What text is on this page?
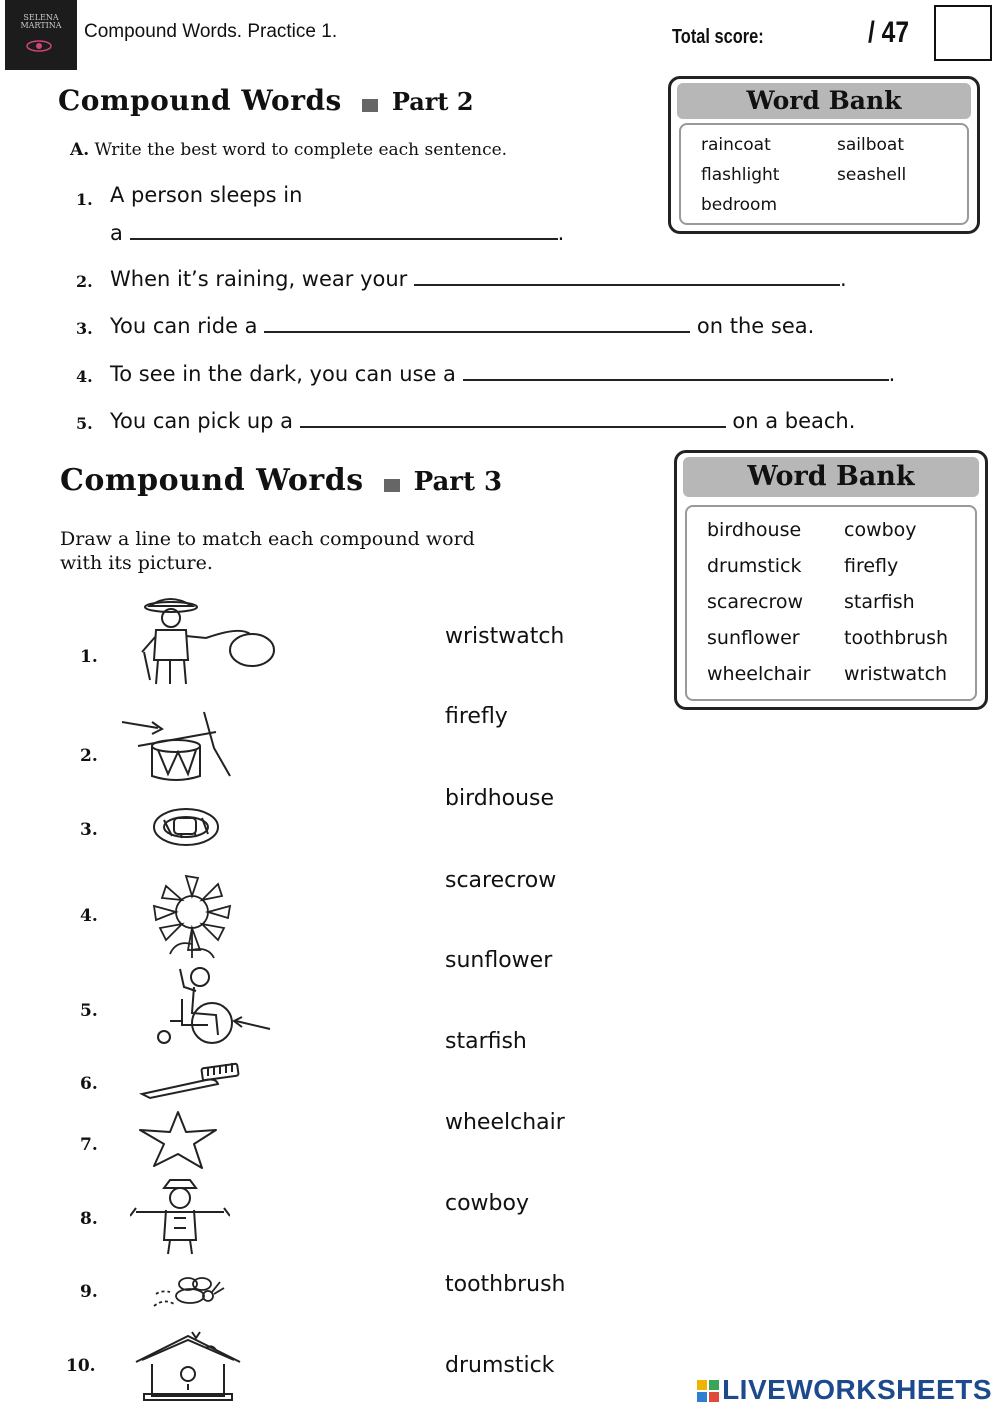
SELENA MARTINA	Compound Words. Practice 1.	Total score:	/ 47
Compound Words Part 2
A. Write the best word to complete each sentence.
Word Bank
raincoat	sailboat
flashlight	seashell
bedroom
1. A person sleeps in
a	.
2. When it’s raining, wear your	.
3. You can ride a	on the sea.
4. To see in the dark, you can use a	.
5. You can pick up a	on a beach.
Compound Words Part 3
Draw a line to match each compound word
with its picture.
Word Bank
birdhouse cowboy
drumstick firefly
scarecrow starfish
sunflower toothbrush
wheelchair wristwatch
1.
2.
3.
4.
5.
6.
7.
8.
9.
10.
wristwatch
firefly
birdhouse
scarecrow
sunflower
starfish
wheelchair
cowboy
toothbrush
drumstick
LIVEWORKSHEETS
